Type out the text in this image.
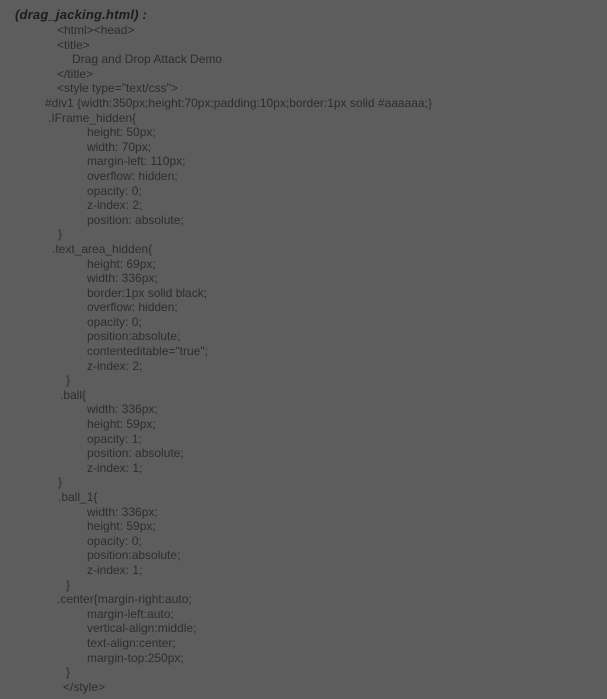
(drag_jacking.html) :
<html><head>
<title>
Drag and Drop Attack Demo
</title>
<style type="text/css">
#div1 {width:350px;height:70px;padding:10px;border:1px solid #aaaaaa;}
.IFrame_hidden{
height: 50px;
width: 70px;
margin-left: 110px;
overflow: hidden;
opacity: 0;
z-index: 2;
position: absolute;
}
.text_area_hidden{
height: 69px;
width: 336px;
border:1px solid black;
overflow: hidden;
opacity: 0;
position:absolute;
contenteditable="true";
z-index: 2;
}
.ball{
width: 336px;
height: 59px;
opacity: 1;
position: absolute;
z-index: 1;
}
.ball_1{
width: 336px;
height: 59px;
opacity: 0;
position:absolute;
z-index: 1;
}
.center{margin-right:auto;
margin-left:auto;
vertical-align:middle;
text-align:center;
margin-top:250px;
}
</style>
